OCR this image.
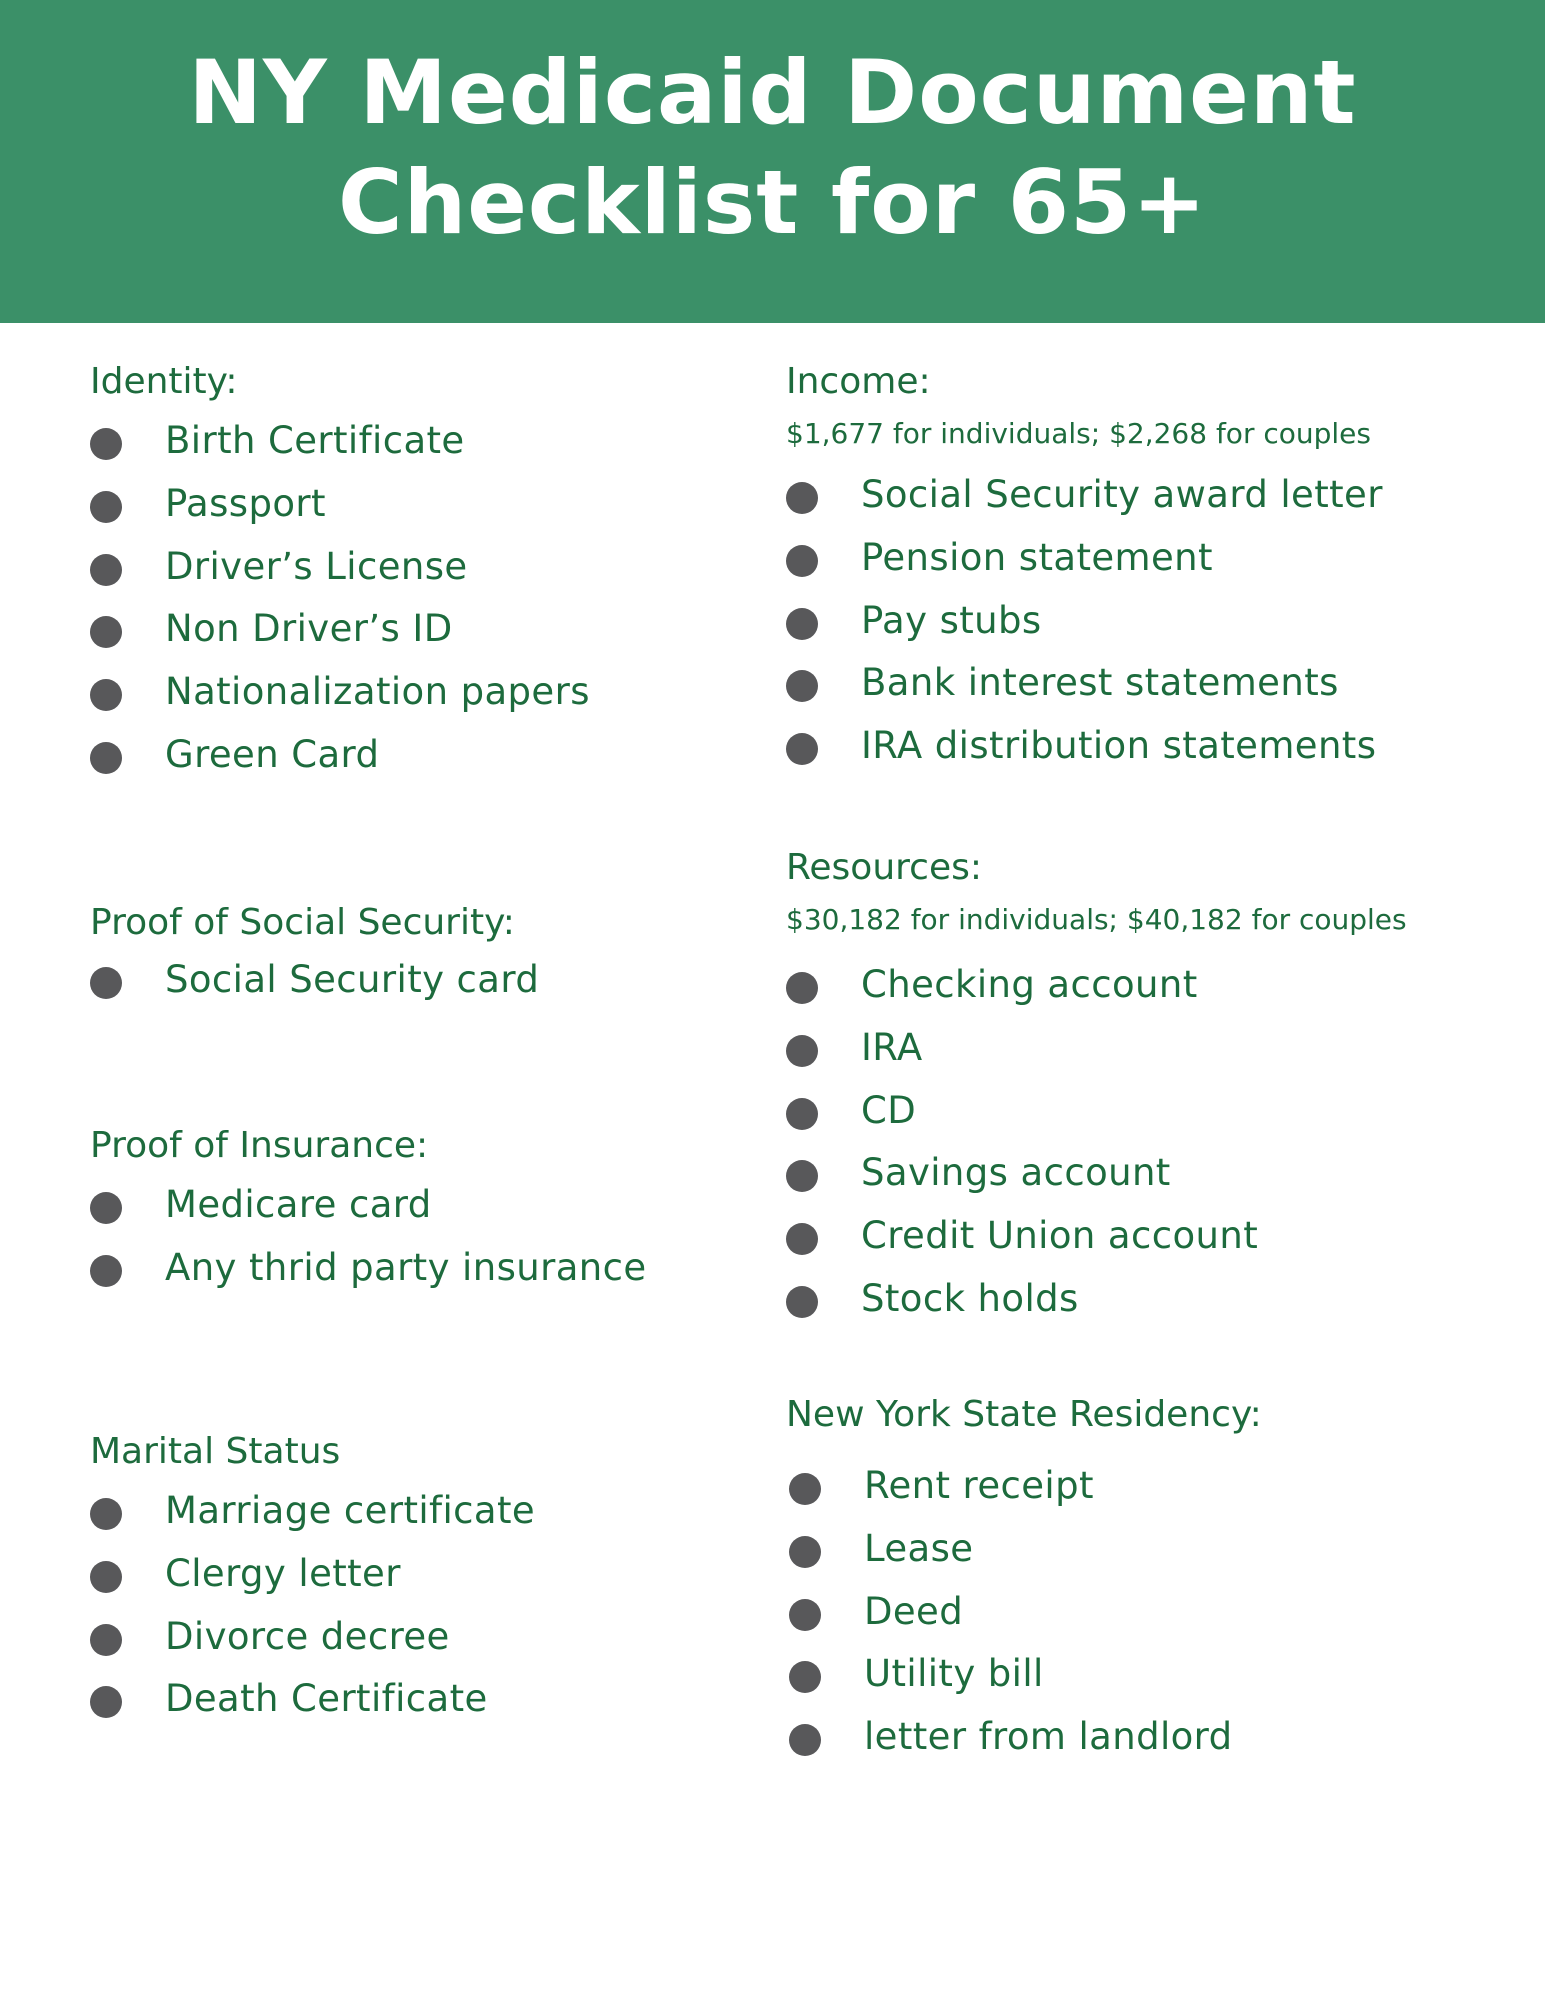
NY Medicaid Document
Checklist for 65+
Identity:
Birth Certificate
Passport
Driver’s License
Non Driver’s ID
Nationalization papers
Green Card
Proof of Social Security:
Social Security card
Proof of Insurance:
Medicare card
Any thrid party insurance
Marital Status
Marriage certificate
Clergy letter
Divorce decree
Death Certificate
Income:
$1,677 for individuals; $2,268 for couples
Social Security award letter
Pension statement
Pay stubs
Bank interest statements
IRA distribution statements
Resources:
$30,182 for individuals; $40,182 for couples
Checking account
IRA
CD
Savings account
Credit Union account
Stock holds
New York State Residency:
Rent receipt
Lease
Deed
Utility bill
letter from landlord
